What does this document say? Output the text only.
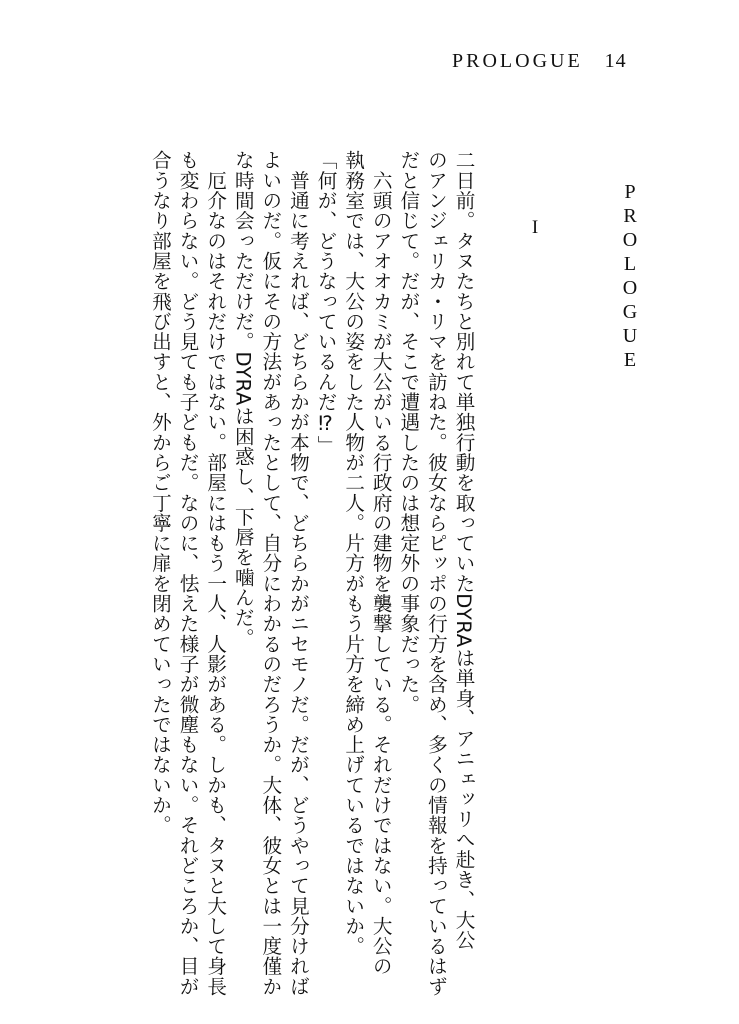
PROLOGUE 14
PROLOGUE
I
二日前。タヌたちと別れて単独行動を取っていたDYRAは単身、アニェッリへ赴き、大公
のアンジェリカ・リマを訪ねた。彼女ならピッポの行方を含め、多くの情報を持っているはず
だと信じて。だが、そこで遭遇したのは想定外の事象だった。
　六頭のアオオカミが大公がいる行政府の建物を襲撃している。それだけではない。大公の
執務室では、大公の姿をした人物が二人。片方がもう片方を締め上げているではないか。
「何が、どうなっているんだ⁉」
　普通に考えれば、どちらかが本物で、どちらかがニセモノだ。だが、どうやって見分ければ
よいのだ。仮にその方法があったとして、自分にわかるのだろうか。大体、彼女とは一度僅か
な時間会っただけだ。DYRAは困惑し、下唇を噛んだ。
　厄介なのはそれだけではない。部屋にはもう一人、人影がある。しかも、タヌと大して身長
も変わらない。どう見ても子どもだ。なのに、怯えた様子が微塵もない。それどころか、目が
合うなり部屋を飛び出すと、外からご丁寧に扉を閉めていったではないか。
